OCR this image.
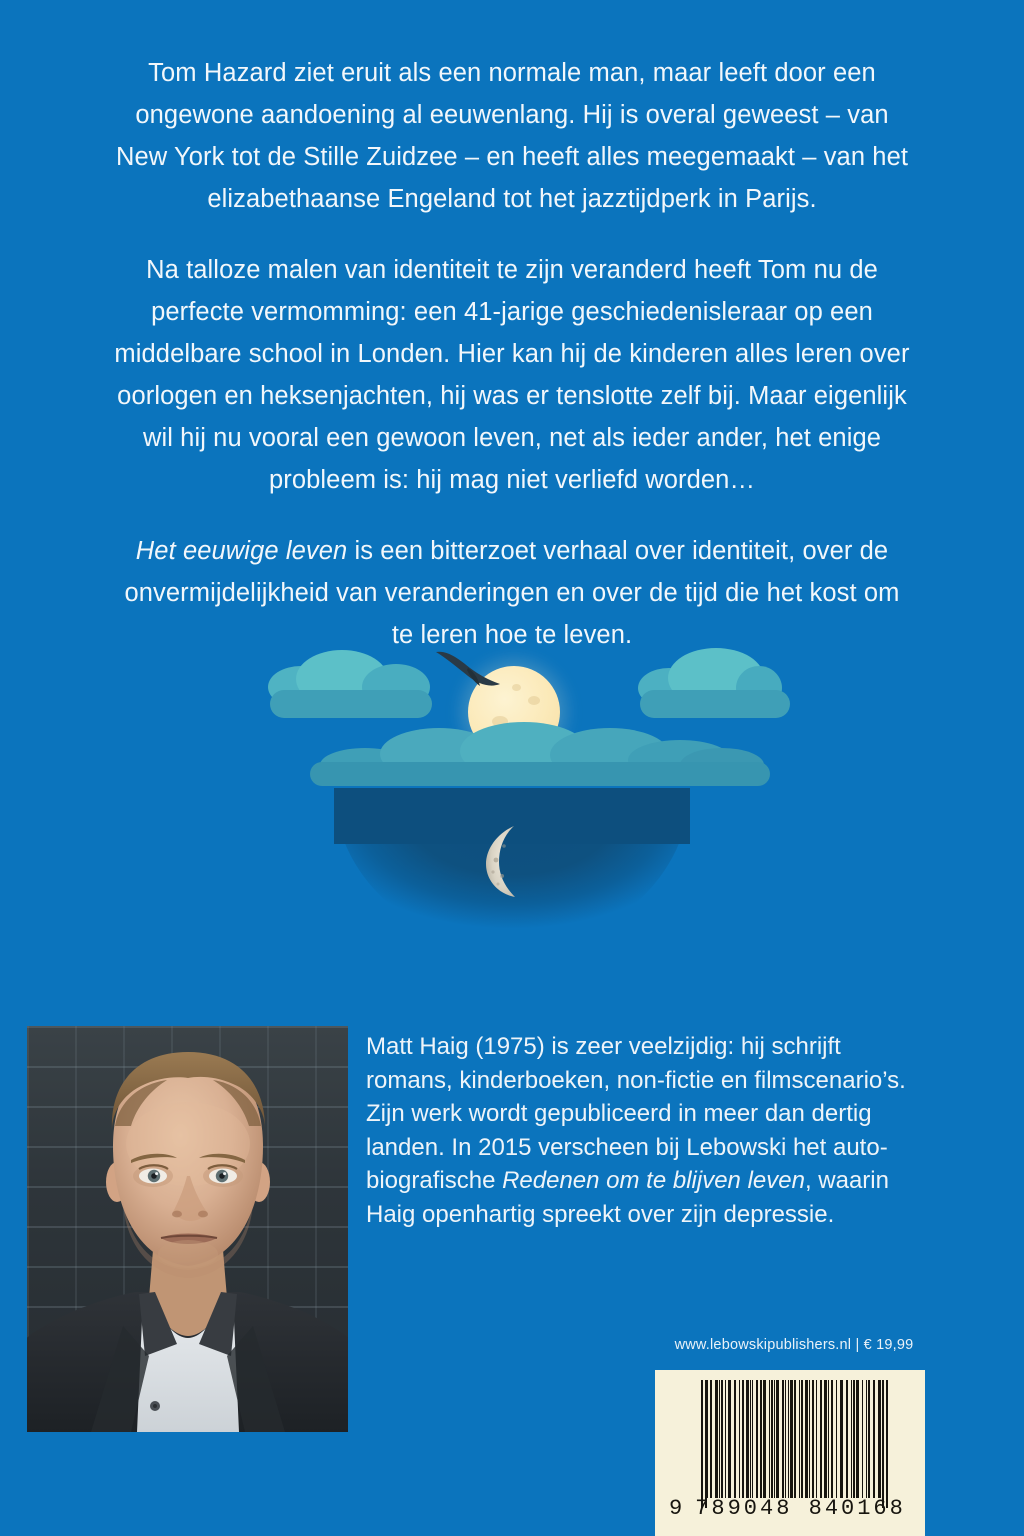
Tom Hazard ziet eruit als een normale man, maar leeft door een ongewone aandoening al eeuwenlang. Hij is overal geweest – van New York tot de Stille Zuidzee – en heeft alles meegemaakt – van het elizabethaanse Engeland tot het jazztijdperk in Parijs.

Na talloze malen van identiteit te zijn veranderd heeft Tom nu de perfecte vermomming: een 41-jarige geschiedenisleraar op een middelbare school in Londen. Hier kan hij de kinderen alles leren over oorlogen en heksenjachten, hij was er tenslotte zelf bij. Maar eigenlijk wil hij nu vooral een gewoon leven, net als ieder ander, het enige probleem is: hij mag niet verliefd worden…

Het eeuwige leven is een bitterzoet verhaal over identiteit, over de onvermijdelijkheid van veranderingen en over de tijd die het kost om te leren hoe te leven.

Matt Haig (1975) is zeer veelzijdig: hij schrijft romans, kinderboeken, non-fictie en filmscenario’s. Zijn werk wordt gepubliceerd in meer dan dertig landen. In 2015 verscheen bij Lebowski het auto-biografische Redenen om te blijven leven, waarin Haig openhartig spreekt over zijn depressie.
www.lebowskipublishers.nl | € 19,99
9 789048 840168
